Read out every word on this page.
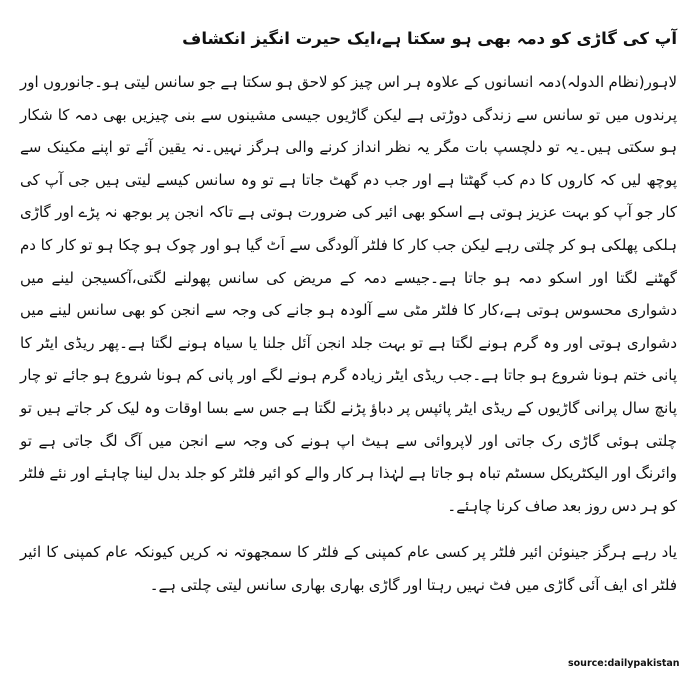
آپ کی گاڑی کو دمہ بھی ہو سکتا ہے،ایک حیرت انگیز انکشاف

لاہور(نظام الدولہ)دمہ انسانوں کے علاوہ ہر اس چیز کو لاحق ہو سکتا ہے جو سانس لیتی ہو۔جانوروں اور پرندوں میں تو سانس سے زندگی دوڑتی ہے لیکن گاڑیوں جیسی مشینوں سے بنی چیزیں بھی دمہ کا شکار ہو سکتی ہیں۔یہ تو دلچسپ بات مگر یہ نظر انداز کرنے والی ہرگز نہیں۔نہ یقین آئے تو اپنے مکینک سے پوچھ لیں کہ کاروں کا دم کب گھٹتا ہے اور جب دم گھٹ جاتا ہے تو وہ سانس کیسے لیتی ہیں جی آپ کی کار جو آپ کو بہت عزیز ہوتی ہے اسکو بھی ائیر کی ضرورت ہوتی ہے تاکہ انجن پر بوجھ نہ پڑے اور گاڑی ہلکی پھلکی ہو کر چلتی رہے لیکن جب کار کا فلٹر آلودگی سے اَٹ گیا ہو اور چوک ہو چکا ہو تو کار کا دم گھٹنے لگتا اور اسکو دمہ ہو جاتا ہے۔جیسے دمہ کے مریض کی سانس پھولنے لگتی،آکسیجن لینے میں دشواری محسوس ہوتی ہے،کار کا فلٹر مٹی سے آلودہ ہو جانے کی وجہ سے انجن کو بھی سانس لینے میں دشواری ہوتی اور وہ گرم ہونے لگتا ہے تو بہت جلد انجن آئل جلنا یا سیاہ ہونے لگتا ہے۔پھر ریڈی ایٹر کا پانی ختم ہونا شروع ہو جاتا ہے۔جب ریڈی ایٹر زیادہ گرم ہونے لگے اور پانی کم ہونا شروع ہو جائے تو چار پانچ سال پرانی گاڑیوں کے ریڈی ایٹر پائپس پر دباؤ پڑنے لگتا ہے جس سے بسا اوقات وہ لیک کر جاتے ہیں تو چلتی ہوئی گاڑی رک جاتی اور لاپروائی سے ہیٹ اپ ہونے کی وجہ سے انجن میں آگ لگ جاتی ہے تو وائرنگ اور الیکٹریکل سسٹم تباہ ہو جاتا ہے لہٰذا ہر کار والے کو ائیر فلٹر کو جلد بدل لینا چاہئے اور نئے فلٹر کو ہر دس روز بعد صاف کرنا چاہئے۔

یاد رہے ہرگز جینوئن ائیر فلٹر پر کسی عام کمپنی کے فلٹر کا سمجھوتہ نہ کریں کیونکہ عام کمپنی کا ائیر فلٹر ای ایف آئی گاڑی میں فٹ نہیں رہتا اور گاڑی بھاری بھاری سانس لیتی چلتی ہے۔

source:dailypakistan
